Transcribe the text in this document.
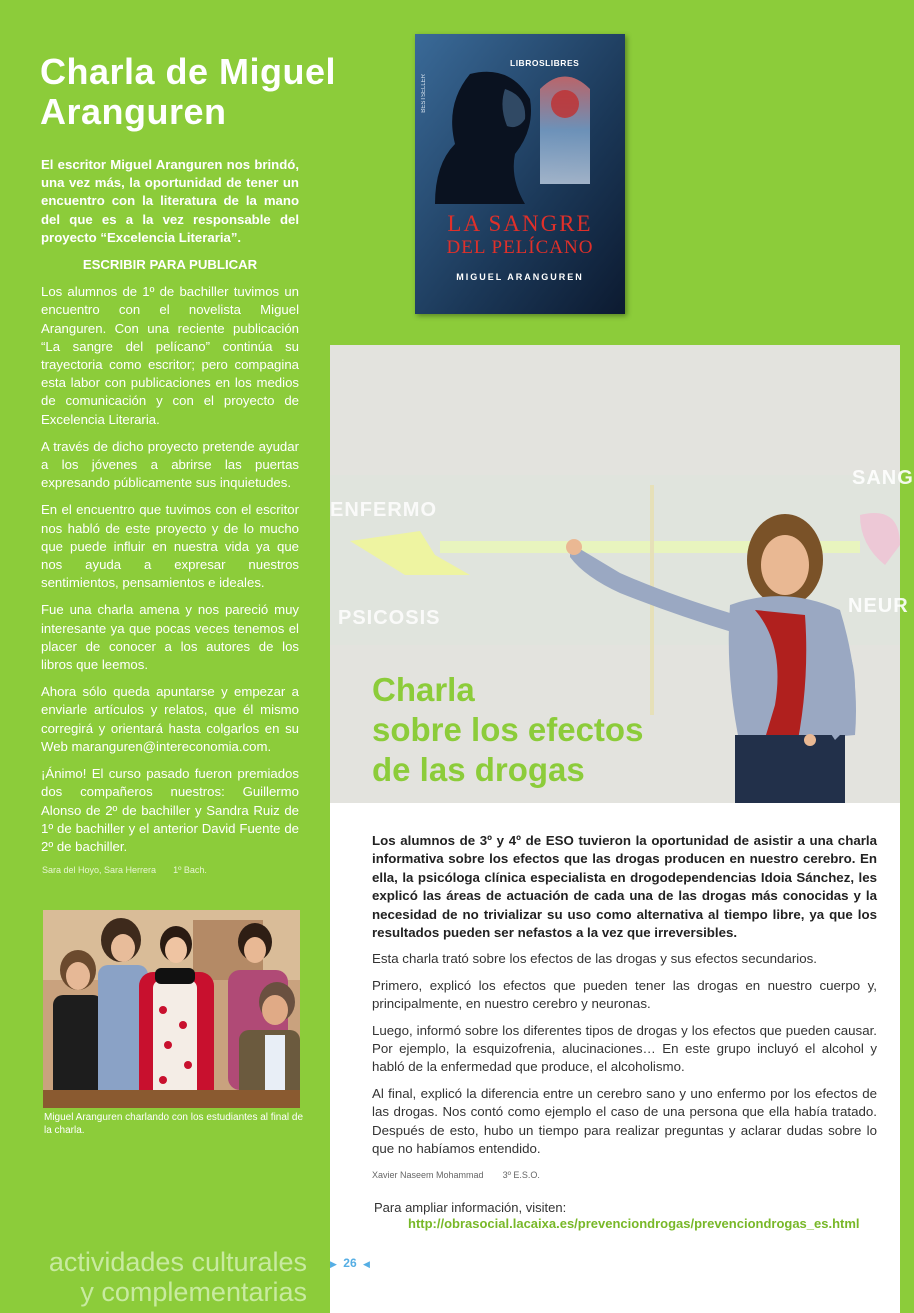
Charla de Miguel Aranguren

El escritor Miguel Aranguren nos brindó, una vez más, la oportunidad de tener un encuentro con la literatura de la mano del que es a la vez responsable del proyecto “Excelencia Literaria”.

ESCRIBIR PARA PUBLICAR

Los alumnos de 1º de bachiller tuvimos un encuentro con el novelista Miguel Aranguren. Con una reciente publicación “La sangre del pelícano” continúa su trayectoria como escritor; pero compagina esta labor con publicaciones en los medios de comunicación y con el proyecto de Excelencia Literaria.

A través de dicho proyecto pretende ayudar a los jóvenes a abrirse las puertas expresando públicamente sus inquietudes.

En el encuentro que tuvimos con el escritor nos habló de este proyecto y de lo mucho que puede influir en nuestra vida ya que nos ayuda a expresar nuestros sentimientos, pensamientos e ideales.

Fue una charla amena y nos pareció muy interesante ya que pocas veces tenemos el placer de conocer a los autores de los libros que leemos.

Ahora sólo queda apuntarse y empezar a enviarle artículos y relatos, que él mismo corregirá y orientará hasta colgarlos en su Web maranguren@intereconomia.com.

¡Ánimo! El curso pasado fueron premiados dos compañeros nuestros: Guillermo Alonso de 2º de bachiller y Sandra Ruiz de 1º de bachiller y el anterior David Fuente de 2º de bachiller.

Sara del Hoyo, Sara Herrera 1º Bach.
Miguel Aranguren charlando con los estudiantes al final de la charla.
LIBROSLIBRES
BESTSELLER
LA SANGRE
DEL PELÍCANO
MIGUEL ARANGUREN
ENFERMO
PSICOSIS
SANG
NEUR
Charla
sobre los efectos
de las drogas

Los alumnos de 3º y 4º de ESO tuvieron la oportunidad de asistir a una charla informativa sobre los efectos que las drogas producen en nuestro cerebro. En ella, la psicóloga clínica especialista en drogodependencias Idoia Sánchez, les explicó las áreas de actuación de cada una de las drogas más conocidas y la necesidad de no trivializar su uso como alternativa al tiempo libre, ya que los resultados pueden ser nefastos a la vez que irreversibles.

Esta charla trató sobre los efectos de las drogas y sus efectos secundarios.

Primero, explicó los efectos que pueden tener las drogas en nuestro cuerpo y, principalmente, en nuestro cerebro y neuronas.

Luego, informó sobre los diferentes tipos de drogas y los efectos que pueden causar. Por ejemplo, la esquizofrenia, alucinaciones… En este grupo incluyó el alcohol y habló de la enfermedad que produce, el alcoholismo.

Al final, explicó la diferencia entre un cerebro sano y uno enfermo por los efectos de las drogas. Nos contó como ejemplo el caso de una persona que ella había tratado. Después de esto, hubo un tiempo para realizar preguntas y aclarar dudas sobre lo que no habíamos entendido.

Xavier Naseem Mohammad 3º E.S.O.
Para ampliar información, visiten:
http://obrasocial.lacaixa.es/prevenciondrogas/prevenciondrogas_es.html
actividades culturales
y complementarias
▶ 26 ◀
